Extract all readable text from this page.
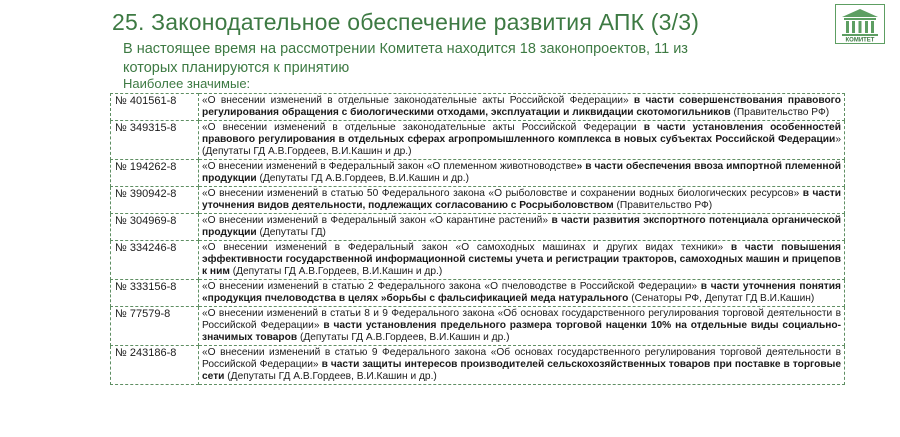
25. Законодательное обеспечение развития АПК (3/3)
КОМИТЕТ
В настоящее время на рассмотрении Комитета находится 18 законопроектов, 11 из которых планируются к принятию
Наиболее значимые:
№ 401561-8	«О внесении изменений в отдельные законодательные акты Российской Федерации» в части совершенствования правового регулирования обращения с биологическими отходами, эксплуатации и ликвидации скотомогильников (Правительство РФ)
№ 349315-8	«О внесении изменений в отдельные законодательные акты Российской Федерации в части установления особенностей правового регулирования в отдельных сферах агропромышленного комплекса в новых субъектах Российской Федерации» (Депутаты ГД А.В.Гордеев, В.И.Кашин и др.)
№ 194262-8	«О внесении изменений в Федеральный закон «О племенном животноводстве» в части обеспечения ввоза импортной племенной продукции (Депутаты ГД А.В.Гордеев, В.И.Кашин и др.)
№ 390942-8	«О внесении изменений в статью 50 Федерального закона «О рыболовстве и сохранении водных биологических ресурсов» в части уточнения видов деятельности, подлежащих согласованию с Росрыболовством (Правительство РФ)
№ 304969-8	«О внесении изменений в Федеральный закон «О карантине растений» в части развития экспортного потенциала органической продукции (Депутаты ГД)
№ 334246-8	«О внесении изменений в Федеральный закон «О самоходных машинах и других видах техники» в части повышения эффективности государственной информационной системы учета и регистрации тракторов, самоходных машин и прицепов к ним (Депутаты ГД А.В.Гордеев, В.И.Кашин и др.)
№ 333156-8	«О внесении изменений в статью 2 Федерального закона «О пчеловодстве в Российской Федерации» в части уточнения понятия «продукция пчеловодства в целях »борьбы с фальсификацией меда натурального (Сенаторы РФ, Депутат ГД В.И.Кашин)
№ 77579-8	«О внесении изменений в статьи 8 и 9 Федерального закона «Об основах государственного регулирования торговой деятельности в Российской Федерации» в части установления предельного размера торговой наценки 10% на отдельные виды социально-значимых товаров (Депутаты ГД А.В.Гордеев, В.И.Кашин и др.)
№ 243186-8	«О внесении изменений в статью 9 Федерального закона «Об основах государственного регулирования торговой деятельности в Российской Федерации» в части защиты интересов производителей сельскохозяйственных товаров при поставке в торговые сети (Депутаты ГД А.В.Гордеев, В.И.Кашин и др.)
